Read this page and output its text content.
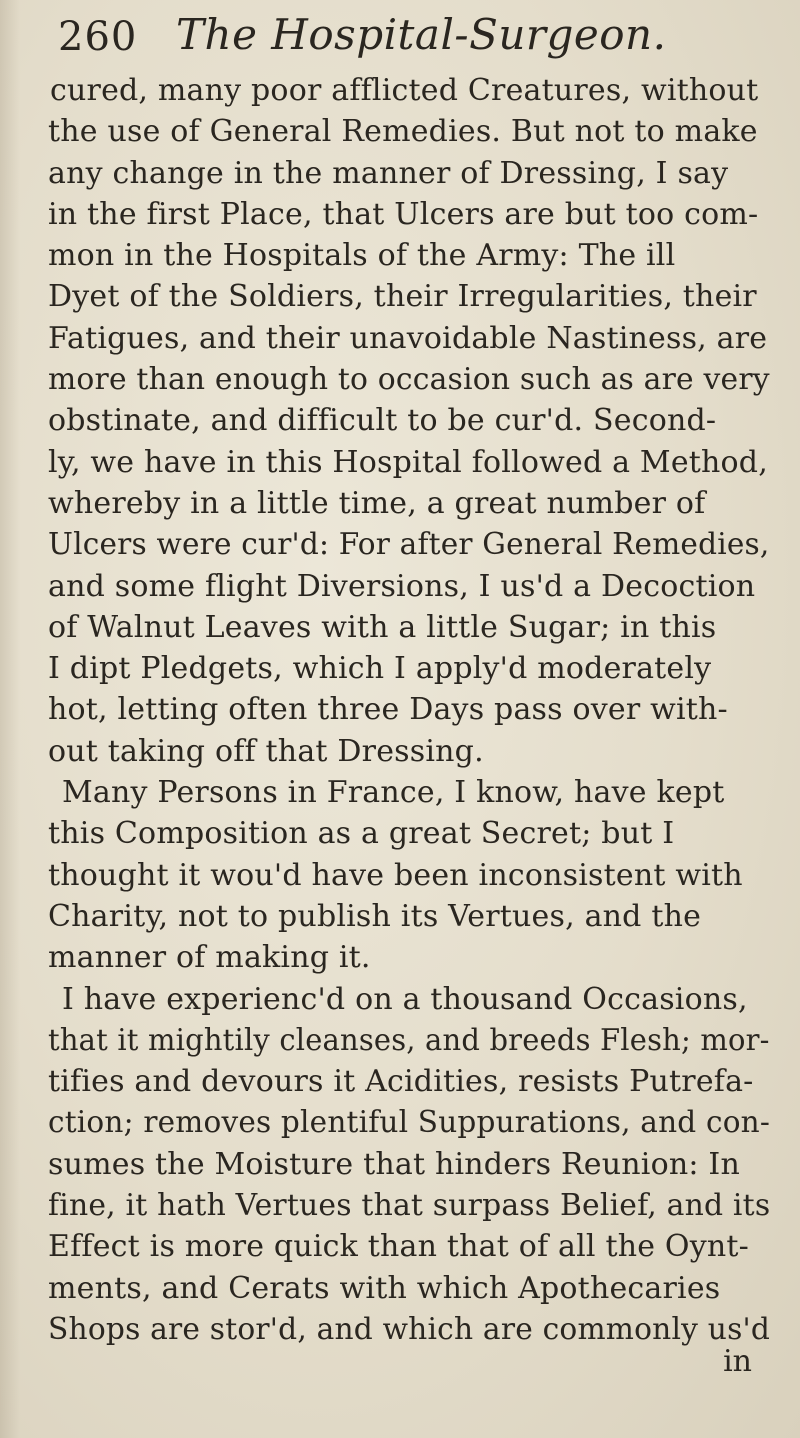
260 The Hospital-Surgeon.
cured, many poor afflicted Creatures, without
the use of General Remedies. But not to make
any change in the manner of Dressing, I say
in the first Place, that Ulcers are but too com-
mon in the Hospitals of the Army: The ill
Dyet of the Soldiers, their Irregularities, their
Fatigues, and their unavoidable Nastiness, are
more than enough to occasion such as are very
obstinate, and difficult to be cur'd. Second-
ly, we have in this Hospital followed a Method,
whereby in a little time, a great number of
Ulcers were cur'd: For after General Remedies,
and some flight Diversions, I us'd a Decoction
of Walnut Leaves with a little Sugar; in this
I dipt Pledgets, which I apply'd moderately
hot, letting often three Days pass over with-
out taking off that Dressing.
Many Persons in France, I know, have kept
this Composition as a great Secret; but I
thought it wou'd have been inconsistent with
Charity, not to publish its Vertues, and the
manner of making it.
I have experienc'd on a thousand Occasions,
that it mightily cleanses, and breeds Flesh; mor-
tifies and devours it Acidities, resists Putrefa-
ction; removes plentiful Suppurations, and con-
sumes the Moisture that hinders Reunion: In
fine, it hath Vertues that surpass Belief, and its
Effect is more quick than that of all the Oynt-
ments, and Cerats with which Apothecaries
Shops are stor'd, and which are commonly us'd
in
